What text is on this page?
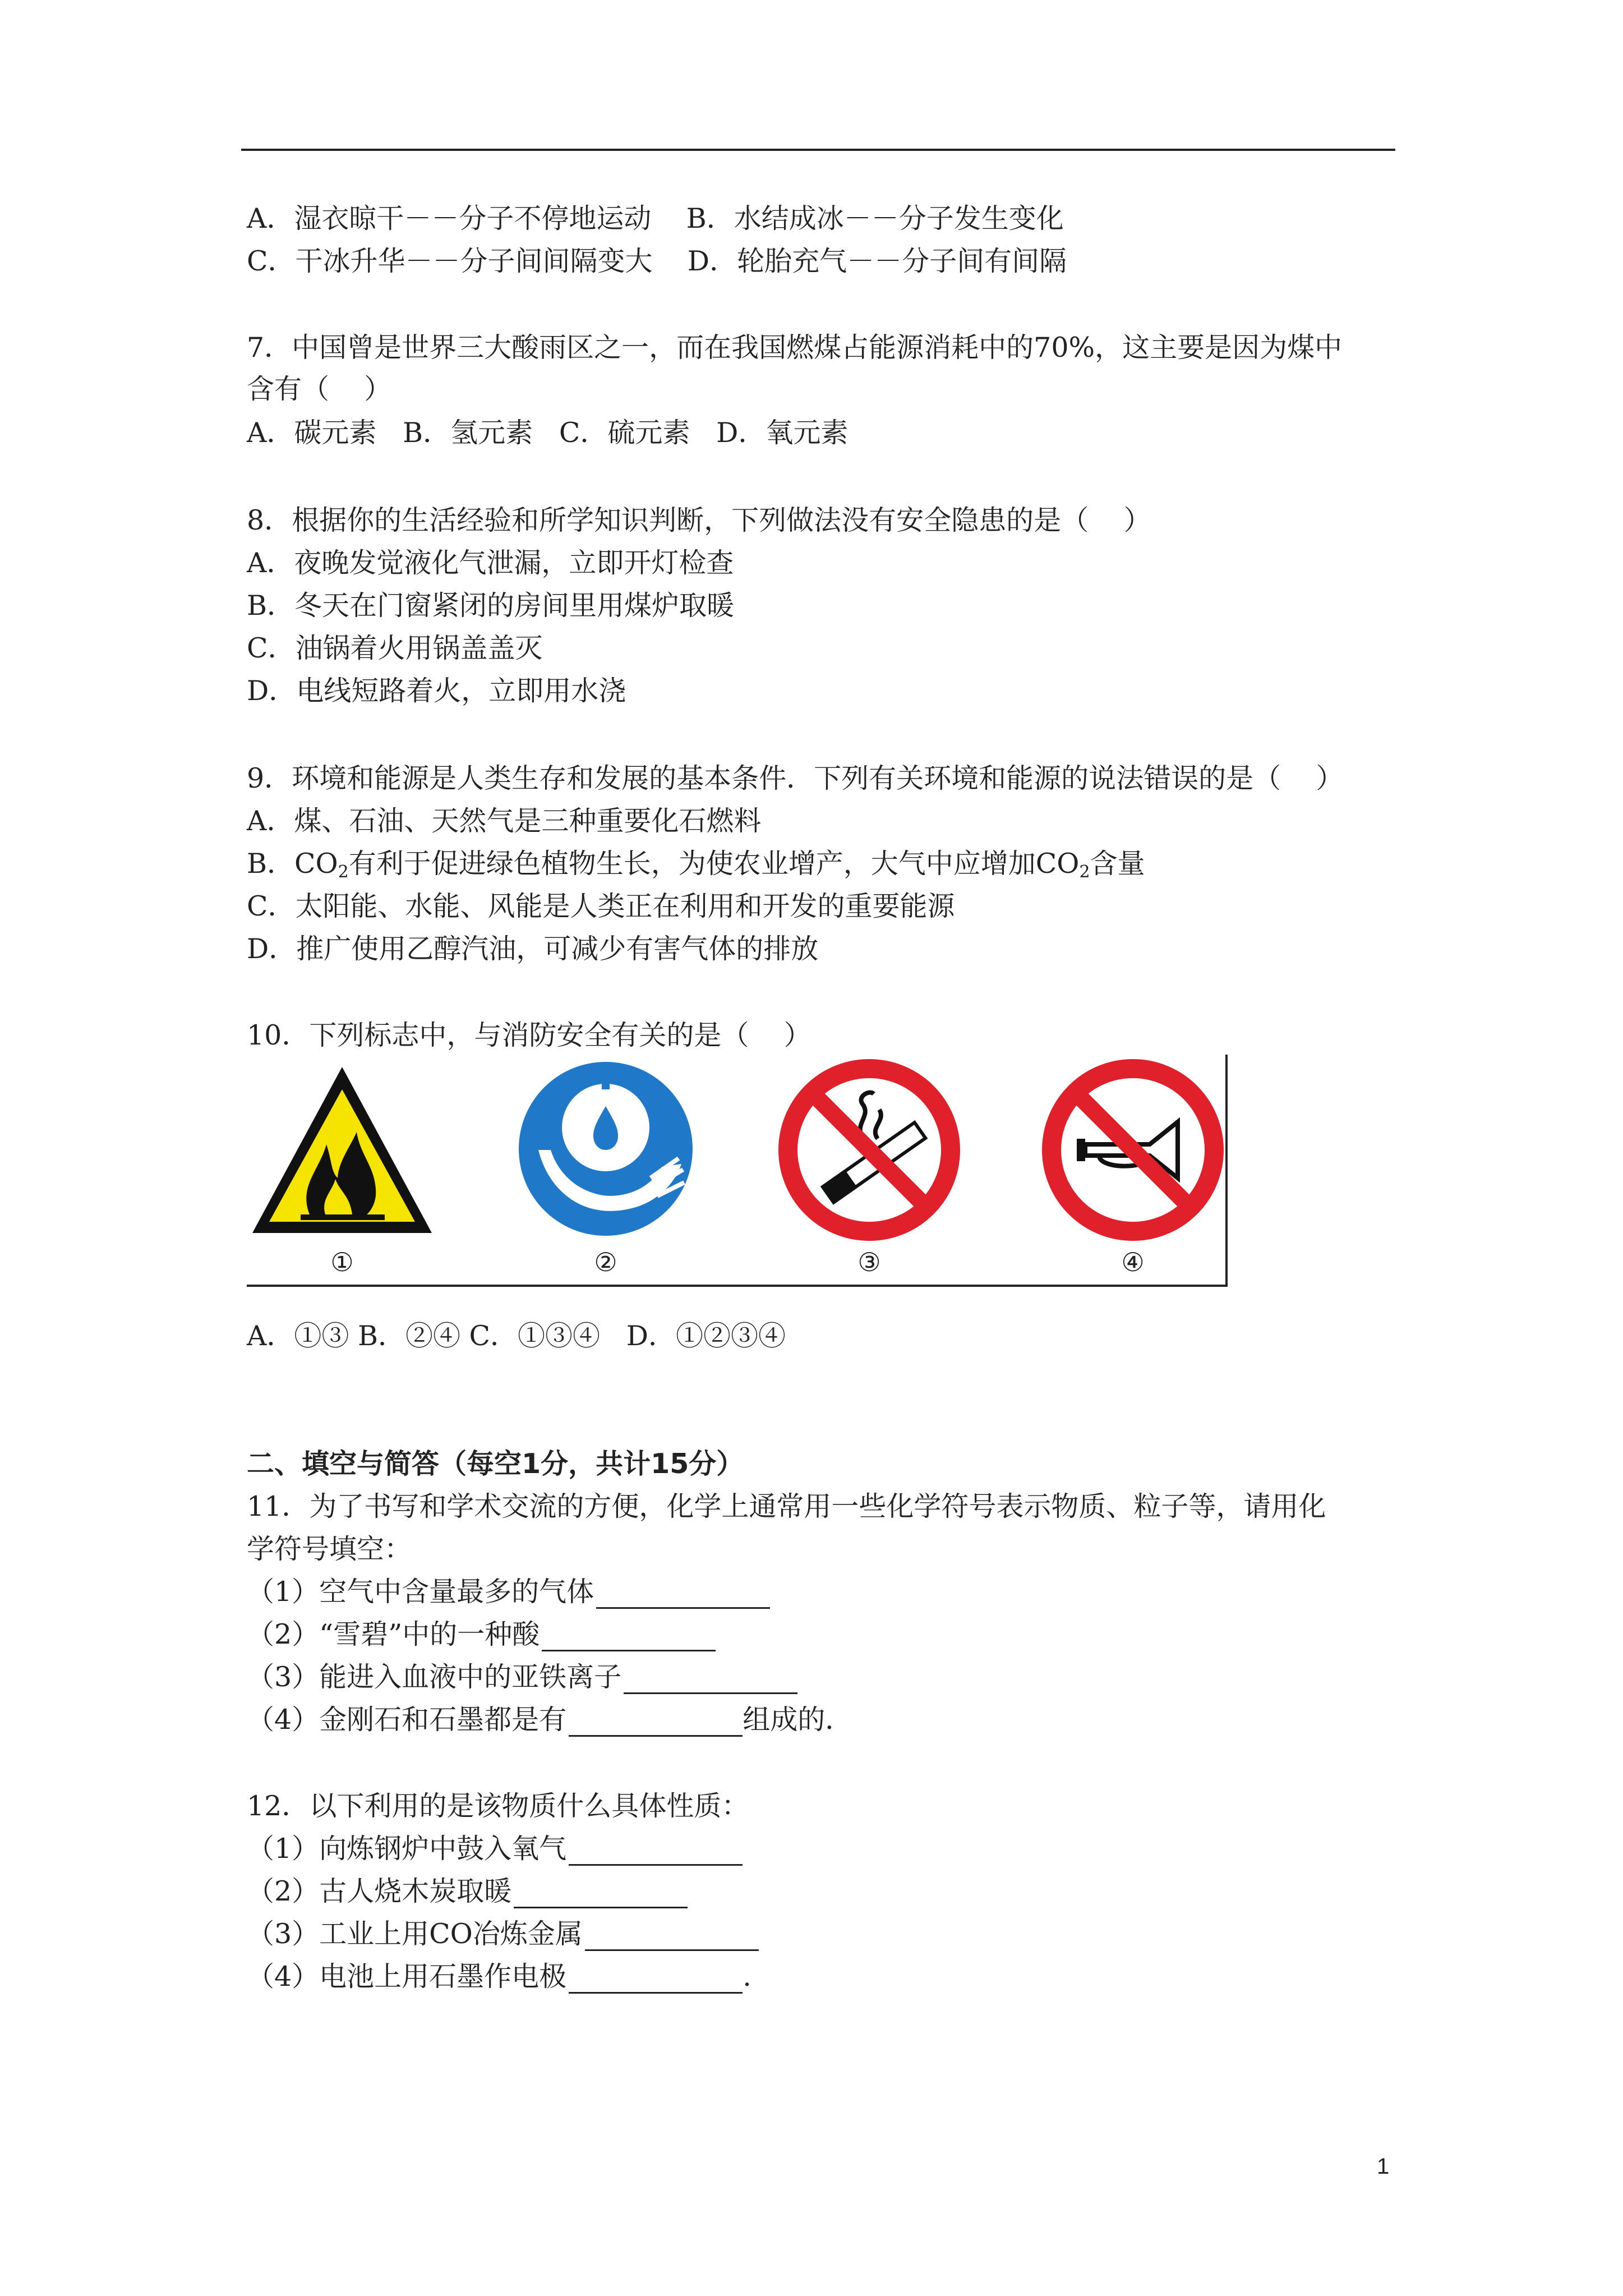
A．湿衣晾干－－分子不停地运动    B．水结成冰－－分子发生变化
C．干冰升华－－分子间间隔变大    D．轮胎充气－－分子间有间隔
7．中国曾是世界三大酸雨区之一，而在我国燃煤占能源消耗中的70%，这主要是因为煤中
含有（    ）
A．碳元素   B．氢元素   C．硫元素   D．氧元素
8．根据你的生活经验和所学知识判断，下列做法没有安全隐患的是（    ）
A．夜晚发觉液化气泄漏，立即开灯检查
B．冬天在门窗紧闭的房间里用煤炉取暖
C．油锅着火用锅盖盖灭
D．电线短路着火，立即用水浇
9．环境和能源是人类生存和发展的基本条件．下列有关环境和能源的说法错误的是（    ）
A．煤、石油、天然气是三种重要化石燃料
B．$CO_2$有利于促进绿色植物生长，为使农业增产，大气中应增加$CO_2$含量
C．太阳能、水能、风能是人类正在利用和开发的重要能源
D．推广使用乙醇汽油，可减少有害气体的排放
10．下列标志中，与消防安全有关的是（    ）
①	②	③	④
A．①③ B．②④ C．①③④   D．①②③④
二、填空与简答（每空1分，共计15分）
11．为了书写和学术交流的方便，化学上通常用一些化学符号表示物质、粒子等，请用化
学符号填空：
（1）空气中含量最多的气体
（2）“雪碧”中的一种酸
（3）能进入血液中的亚铁离子
（4）金刚石和石墨都是有	组成的．
12．以下利用的是该物质什么具体性质：
（1）向炼钢炉中鼓入氧气
（2）古人烧木炭取暖
（3）工业上用CO冶炼金属
（4）电池上用石墨作电极	.
1
